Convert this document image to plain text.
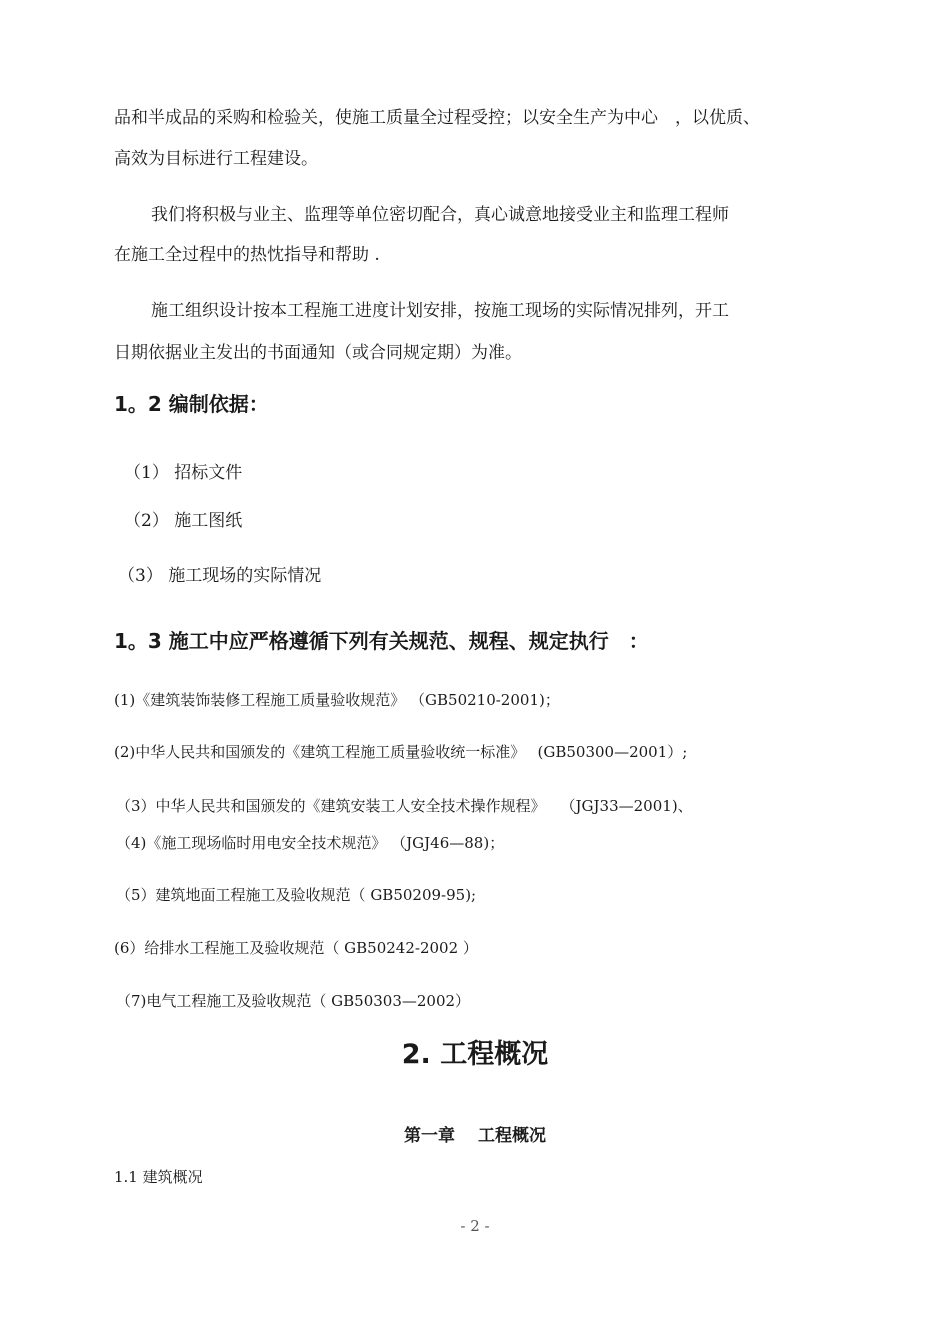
品和半成品的采购和检验关，使施工质量全过程受控；以安全生产为中心　，以优质、
高效为目标进行工程建设。
我们将积极与业主、监理等单位密切配合，真心诚意地接受业主和监理工程师
在施工全过程中的热忱指导和帮助 .
施工组织设计按本工程施工进度计划安排，按施工现场的实际情况排列，开工
日期依据业主发出的书面通知（或合同规定期）为准。
1。2 编制依据：
（1） 招标文件
（2） 施工图纸
（3） 施工现场的实际情况
1。3 施工中应严格遵循下列有关规范、规程、规定执行　：
(1)《建筑装饰装修工程施工质量验收规范》 （GB50210-2001)；
(2)中华人民共和国颁发的《建筑工程施工质量验收统一标准》　 (GB50300—2001）;
（3）中华人民共和国颁发的《建筑安装工人安全技术操作规程》　　（JGJ33—2001)、
（4)《施工现场临时用电安全技术规范》 （JGJ46—88)；
（5）建筑地面工程施工及验收规范（ GB50209-95);
(6）给排水工程施工及验收规范（ GB50242-2002 ）
（7)电气工程施工及验收规范（ GB50303—2002）
2. 工程概况
第一章　 工程概况
1.1 建筑概况
- 2 -
